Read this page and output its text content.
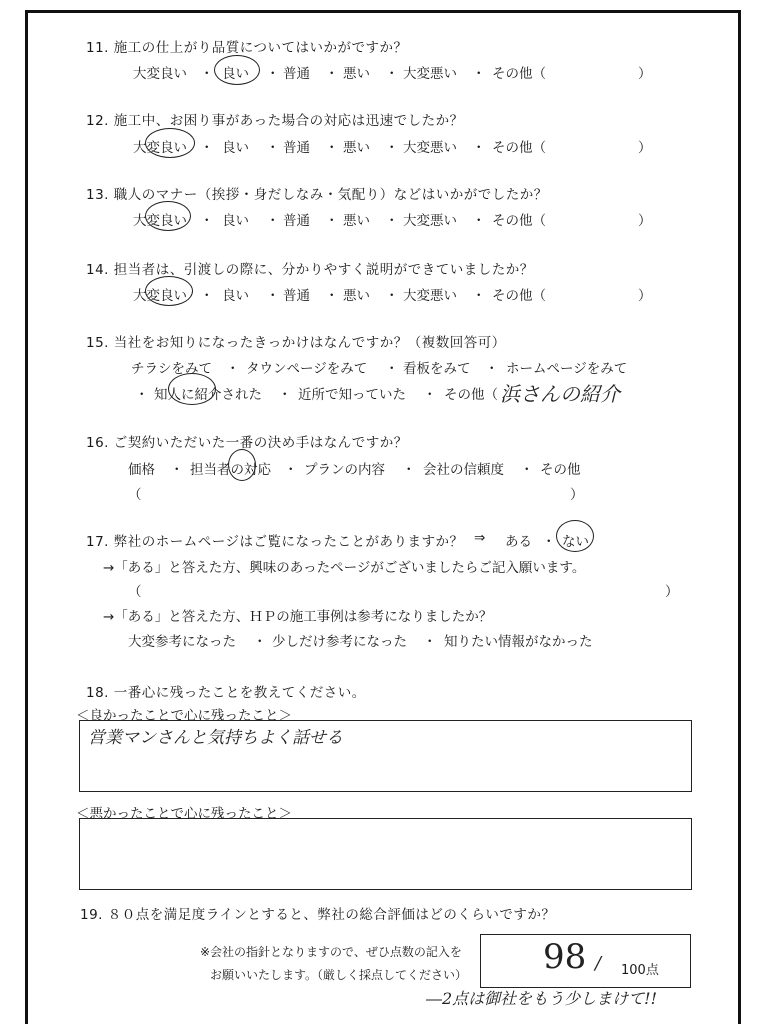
11. 施工の仕上がり品質についてはいかがですか？
大変良い ・ 良い ・ 普通 ・ 悪い ・ 大変悪い ・ その他（	）
12. 施工中、お困り事があった場合の対応は迅速でしたか？
大変良い ・ 良い ・ 普通 ・ 悪い ・ 大変悪い ・ その他（	）
13. 職人のマナー（挨拶・身だしなみ・気配り）などはいかがでしたか？
大変良い ・ 良い ・ 普通 ・ 悪い ・ 大変悪い ・ その他（	）
14. 担当者は、引渡しの際に、分かりやすく説明ができていましたか？
大変良い ・ 良い ・ 普通 ・ 悪い ・ 大変悪い ・ その他（	）
15. 当社をお知りになったきっかけはなんですか？（複数回答可）
チラシをみて ・ タウンページをみて ・ 看板をみて ・ ホームページをみて
・ 知人に紹介された ・ 近所で知っていた ・ その他（ 浜さんの紹介
16. ご契約いただいた一番の決め手はなんですか？
価格 ・ 担当者の対応 ・ プランの内容 ・ 会社の信頼度 ・ その他
（	）
17. 弊社のホームページはご覧になったことがありますか？ ⇒ ある ・ ない
→「ある」と答えた方、興味のあったページがございましたらご記入願います。
（	）
→「ある」と答えた方、ＨＰの施工事例は参考になりましたか？
大変参考になった ・ 少しだけ参考になった ・ 知りたい情報がなかった
18. 一番心に残ったことを教えてください。
＜良かったことで心に残ったこと＞
営業マンさんと気持ちよく話せる
＜悪かったことで心に残ったこと＞
19. ８０点を満足度ラインとすると、弊社の総合評価はどのくらいですか？
※会社の指針となりますので、ぜひ点数の記入を
お願いいたします。（厳しく採点してください） 98 / 100点
―2点は御社をもう少しまけて!!
